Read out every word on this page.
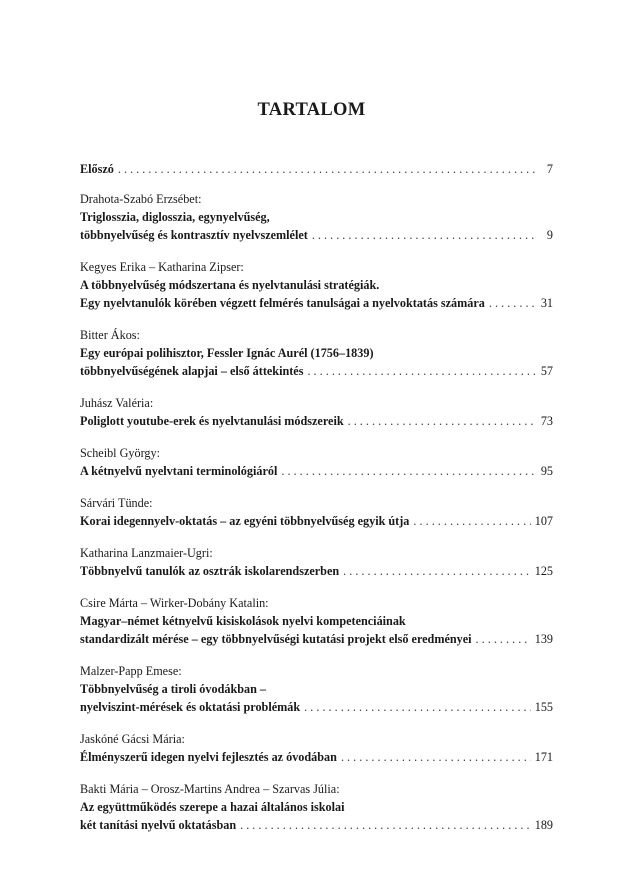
TARTALOM
Előszó . . .	7
Drahota-Szabó Erzsébet:
Triglosszia, diglosszia, egynyelvűség,
többnyelvűség és kontrasztív nyelvszemlélet . . .	9
Kegyes Erika – Katharina Zipser:
A többnyelvűség módszertana és nyelvtanulási stratégiák.
Egy nyelvtanulók körében végzett felmérés tanulságai a nyelvoktatás számára . . .	31
Bitter Ákos:
Egy európai polihisztor, Fessler Ignác Aurél (1756–1839)
többnyelvűségének alapjai – első áttekintés . . .	57
Juhász Valéria:
Poliglott youtube-erek és nyelvtanulási módszereik . . .	73
Scheibl György:
A kétnyelvű nyelvtani terminológiáról . . .	95
Sárvári Tünde:
Korai idegennyelv-oktatás – az egyéni többnyelvűség egyik útja . . .	107
Katharina Lanzmaier-Ugri:
Többnyelvű tanulók az osztrák iskolarendszerben . . .	125
Csire Márta – Wirker-Dobány Katalin:
Magyar–német kétnyelvű kisiskolások nyelvi kompetenciáinak
standardizált mérése – egy többnyelvűségi kutatási projekt első eredményei . . .	139
Malzer-Papp Emese:
Többnyelvűség a tiroli óvodákban –
nyelviszint-mérések és oktatási problémák . . .	155
Jaskóné Gácsi Mária:
Élményszerű idegen nyelvi fejlesztés az óvodában . . .	171
Bakti Mária – Orosz-Martins Andrea – Szarvas Júlia:
Az együttműködés szerepe a hazai általános iskolai
két tanítási nyelvű oktatásban . . .	189
